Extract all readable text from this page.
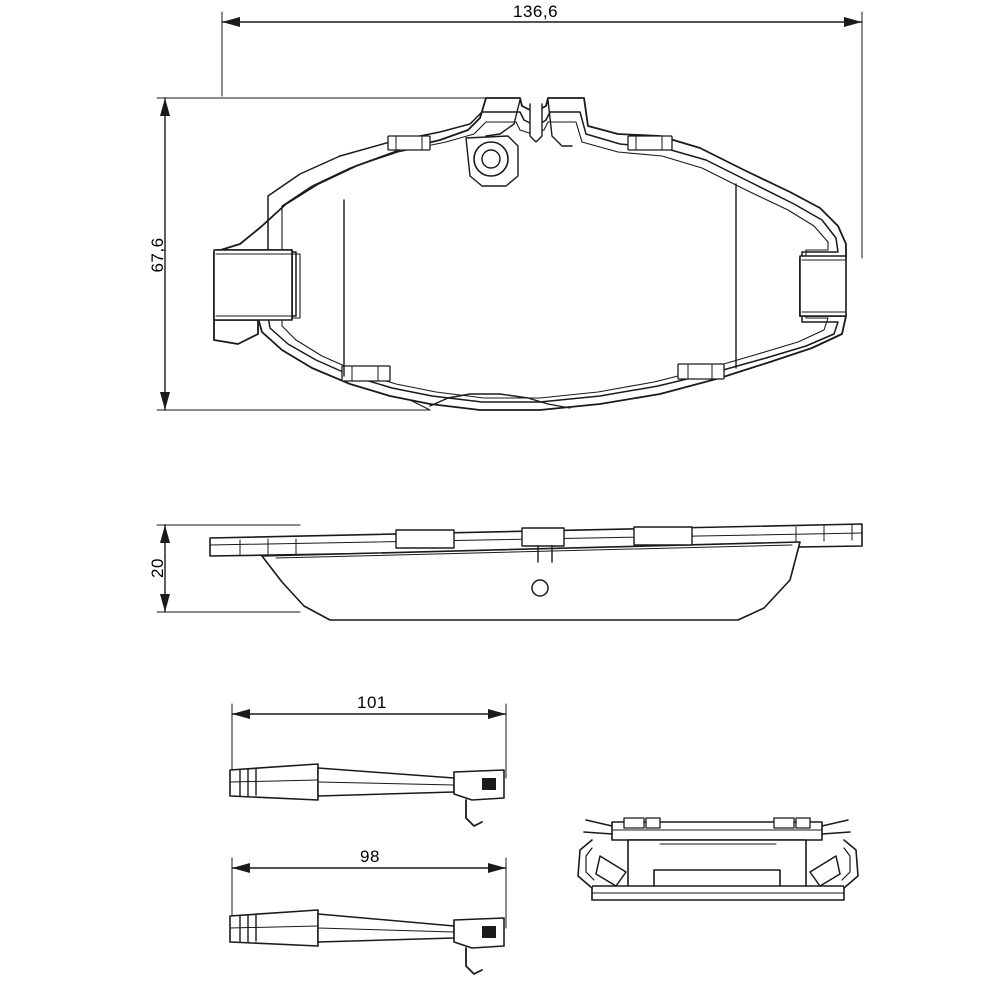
136,6
67,6
20
101
98
